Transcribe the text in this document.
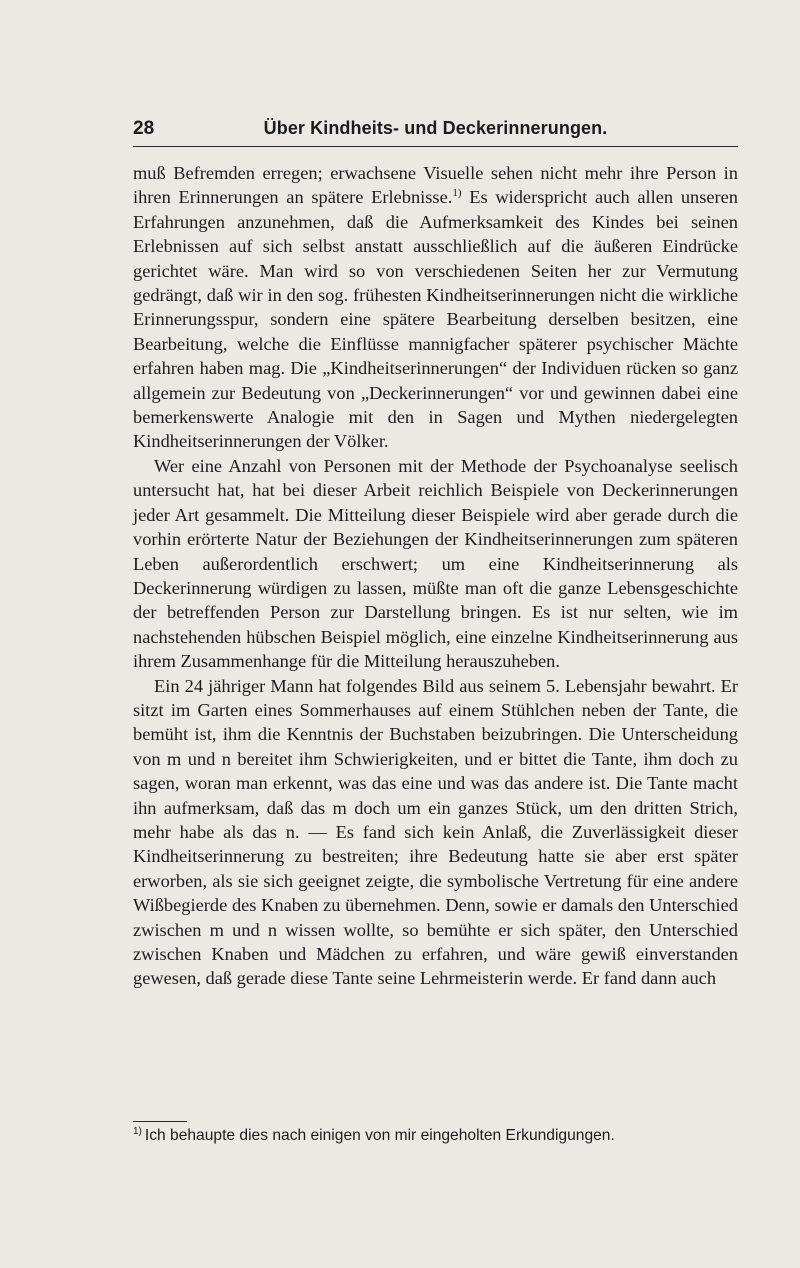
28	Über Kindheits- und Deckerinnerungen.

muß Befremden erregen; erwachsene Visuelle sehen nicht mehr ihre Person in ihren Erinnerungen an spätere Erlebnisse.$^{1)}$ Es widerspricht auch allen unseren Erfahrungen anzunehmen, daß die Aufmerksamkeit des Kindes bei seinen Erlebnissen auf sich selbst anstatt ausschließlich auf die äußeren Eindrücke gerichtet wäre. Man wird so von verschiedenen Seiten her zur Vermutung gedrängt, daß wir in den sog. frühesten Kindheitserinnerungen nicht die wirkliche Erinnerungsspur, sondern eine spätere Bearbeitung derselben besitzen, eine Bearbeitung, welche die Einflüsse mannigfacher späterer psychischer Mächte erfahren haben mag. Die „Kindheitserinnerungen“ der Individuen rücken so ganz allgemein zur Bedeutung von „Deckerinnerungen“ vor und gewinnen dabei eine bemerkenswerte Analogie mit den in Sagen und Mythen niedergelegten Kindheitserinnerungen der Völker.

Wer eine Anzahl von Personen mit der Methode der Psychoanalyse seelisch untersucht hat, hat bei dieser Arbeit reichlich Beispiele von Deckerinnerungen jeder Art gesammelt. Die Mitteilung dieser Beispiele wird aber gerade durch die vorhin erörterte Natur der Beziehungen der Kindheitserinnerungen zum späteren Leben außerordentlich erschwert; um eine Kindheitserinnerung als Deckerinnerung würdigen zu lassen, müßte man oft die ganze Lebensgeschichte der betreffenden Person zur Darstellung bringen. Es ist nur selten, wie im nachstehenden hübschen Beispiel möglich, eine einzelne Kindheitserinnerung aus ihrem Zusammenhange für die Mitteilung herauszuheben.

Ein 24 jähriger Mann hat folgendes Bild aus seinem 5. Lebensjahr bewahrt. Er sitzt im Garten eines Sommerhauses auf einem Stühlchen neben der Tante, die bemüht ist, ihm die Kenntnis der Buchstaben beizubringen. Die Unterscheidung von m und n bereitet ihm Schwierigkeiten, und er bittet die Tante, ihm doch zu sagen, woran man erkennt, was das eine und was das andere ist. Die Tante macht ihn aufmerksam, daß das m doch um ein ganzes Stück, um den dritten Strich, mehr habe als das n. — Es fand sich kein Anlaß, die Zuverlässigkeit dieser Kindheitserinnerung zu bestreiten; ihre Bedeutung hatte sie aber erst später erworben, als sie sich geeignet zeigte, die symbolische Vertretung für eine andere Wißbegierde des Knaben zu übernehmen. Denn, sowie er damals den Unterschied zwischen m und n wissen wollte, so bemühte er sich später, den Unterschied zwischen Knaben und Mädchen zu erfahren, und wäre gewiß einverstanden gewesen, daß gerade diese Tante seine Lehrmeisterin werde. Er fand dann auch

$^{1)}$ Ich behaupte dies nach einigen von mir eingeholten Erkundigungen.
